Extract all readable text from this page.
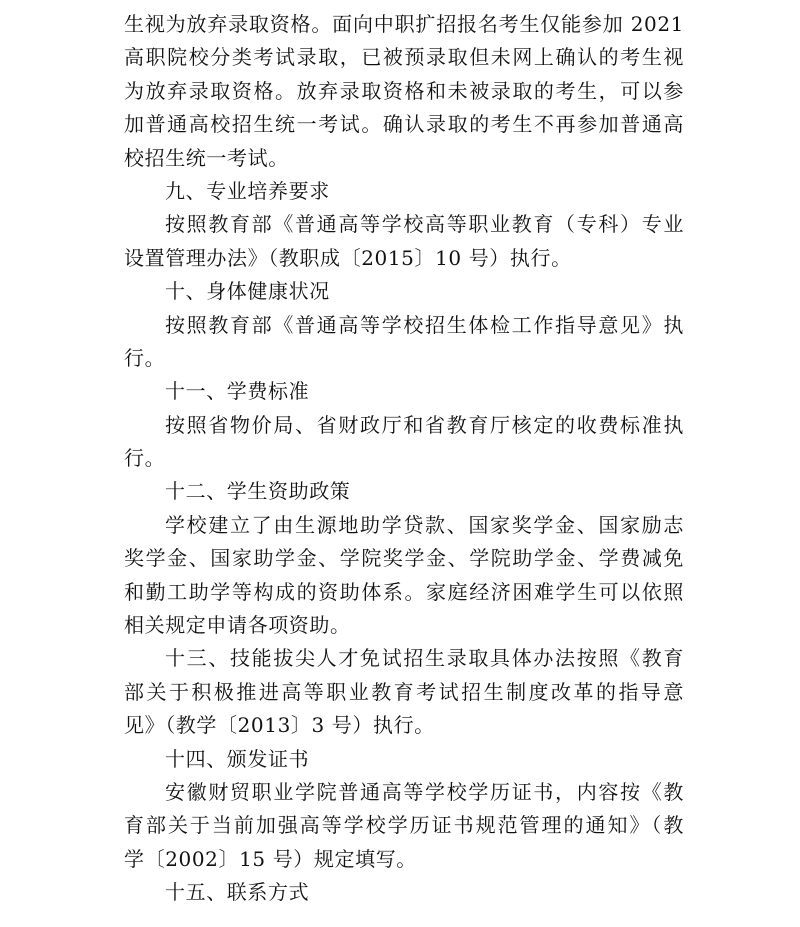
生视为放弃录取资格。面向中职扩招报名考生仅能参加 2021
高职院校分类考试录取，已被预录取但未网上确认的考生视
为放弃录取资格。放弃录取资格和未被录取的考生，可以参
加普通高校招生统一考试。确认录取的考生不再参加普通高
校招生统一考试。
九、专业培养要求
按照教育部《普通高等学校高等职业教育（专科）专业
设置管理办法》（教职成〔2015〕10 号）执行。
十、身体健康状况
按照教育部《普通高等学校招生体检工作指导意见》执
行。
十一、学费标准
按照省物价局、省财政厅和省教育厅核定的收费标准执
行。
十二、学生资助政策
学校建立了由生源地助学贷款、国家奖学金、国家励志
奖学金、国家助学金、学院奖学金、学院助学金、学费减免
和勤工助学等构成的资助体系。家庭经济困难学生可以依照
相关规定申请各项资助。
十三、技能拔尖人才免试招生录取具体办法按照《教育
部关于积极推进高等职业教育考试招生制度改革的指导意
见》（教学〔2013〕3 号）执行。
十四、颁发证书
安徽财贸职业学院普通高等学校学历证书，内容按《教
育部关于当前加强高等学校学历证书规范管理的通知》（教
学〔2002〕15 号）规定填写。
十五、联系方式
